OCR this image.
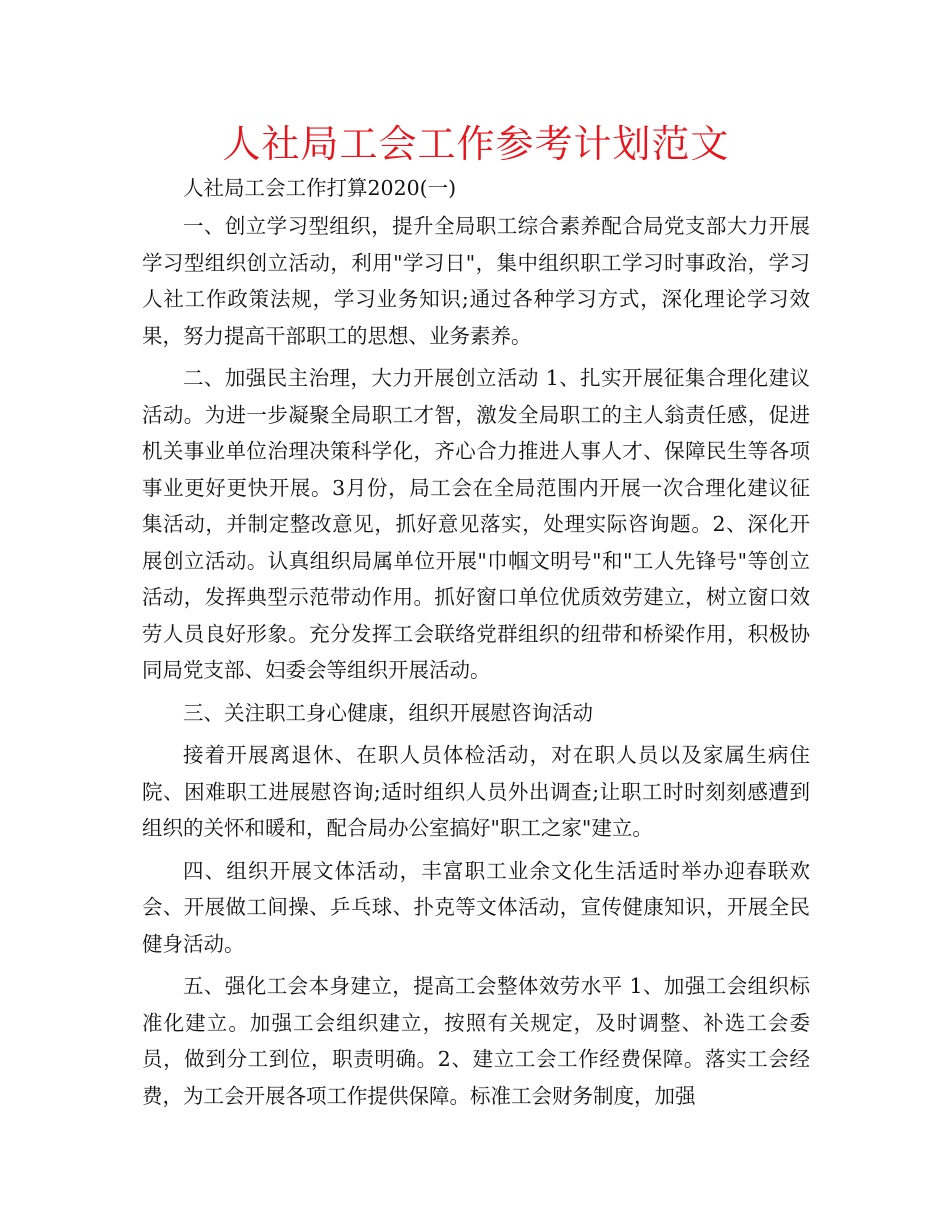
人社局工会工作参考计划范文

人社局工会工作打算2020(一)

一、创立学习型组织，提升全局职工综合素养配合局党支部大力开展学习型组织创立活动，利用"学习日"，集中组织职工学习时事政治，学习人社工作政策法规，学习业务知识;通过各种学习方式，深化理论学习效果，努力提高干部职工的思想、业务素养。

二、加强民主治理，大力开展创立活动 1、扎实开展征集合理化建议活动。为进一步凝聚全局职工才智，激发全局职工的主人翁责任感，促进机关事业单位治理决策科学化，齐心合力推进人事人才、保障民生等各项事业更好更快开展。3月份，局工会在全局范围内开展一次合理化建议征集活动，并制定整改意见，抓好意见落实，处理实际咨询题。2、深化开展创立活动。认真组织局属单位开展"巾帼文明号"和"工人先锋号"等创立活动，发挥典型示范带动作用。抓好窗口单位优质效劳建立，树立窗口效劳人员良好形象。充分发挥工会联络党群组织的纽带和桥梁作用，积极协同局党支部、妇委会等组织开展活动。

三、关注职工身心健康，组织开展慰咨询活动

接着开展离退休、在职人员体检活动，对在职人员以及家属生病住院、困难职工进展慰咨询;适时组织人员外出调查;让职工时时刻刻感遭到组织的关怀和暖和，配合局办公室搞好"职工之家"建立。

四、组织开展文体活动，丰富职工业余文化生活适时举办迎春联欢会、开展做工间操、乒乓球、扑克等文体活动，宣传健康知识，开展全民健身活动。

五、强化工会本身建立，提高工会整体效劳水平 1、加强工会组织标准化建立。加强工会组织建立，按照有关规定，及时调整、补选工会委员，做到分工到位，职责明确。2、建立工会工作经费保障。落实工会经费，为工会开展各项工作提供保障。标准工会财务制度，加强
